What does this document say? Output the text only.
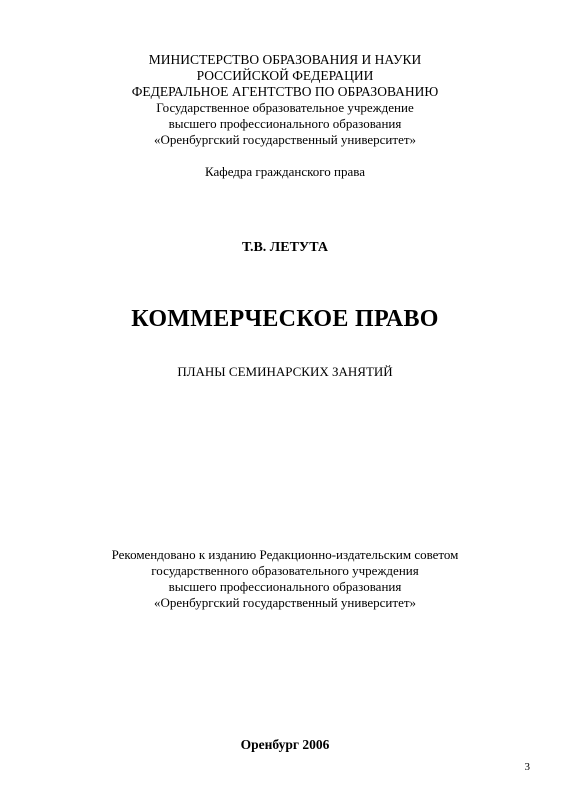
МИНИСТЕРСТВО ОБРАЗОВАНИЯ И НАУКИ
РОССИЙСКОЙ ФЕДЕРАЦИИ
ФЕДЕРАЛЬНОЕ АГЕНТСТВО ПО ОБРАЗОВАНИЮ
Государственное образовательное учреждение
высшего профессионального образования
«Оренбургский государственный университет»
Кафедра гражданского права
Т.В. ЛЕТУТА
КОММЕРЧЕСКОЕ ПРАВО
ПЛАНЫ СЕМИНАРСКИХ ЗАНЯТИЙ
Рекомендовано к изданию Редакционно-издательским советом
государственного образовательного учреждения
высшего профессионального образования
«Оренбургский государственный университет»
Оренбург 2006
3
